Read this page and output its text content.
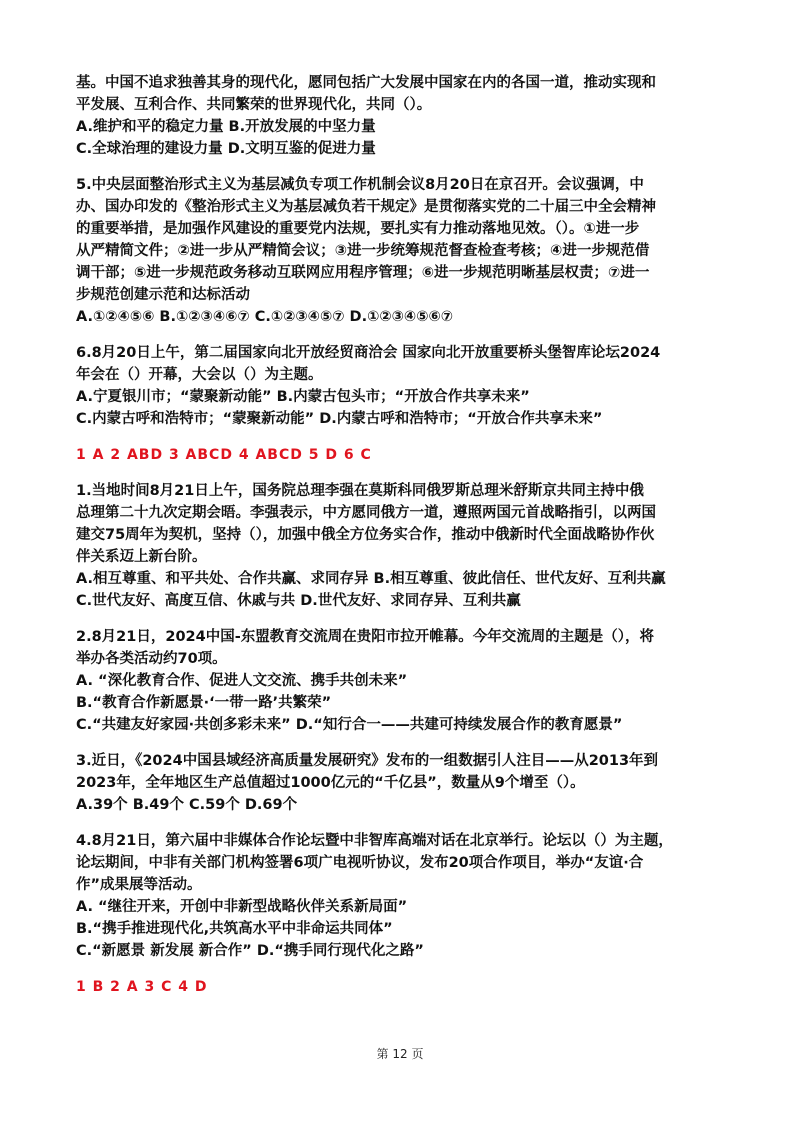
基。中国不追求独善其身的现代化，愿同包括广大发展中国家在内的各国一道，推动实现和
平发展、互利合作、共同繁荣的世界现代化，共同（）。
A.维护和平的稳定力量 B.开放发展的中坚力量
C.全球治理的建设力量 D.文明互鉴的促进力量
5.中央层面整治形式主义为基层减负专项工作机制会议8月20日在京召开。会议强调，中
办、国办印发的《整治形式主义为基层减负若干规定》是贯彻落实党的二十届三中全会精神
的重要举措，是加强作风建设的重要党内法规，要扎实有力推动落地见效。（）。①进一步
从严精简文件；②进一步从严精简会议；③进一步统筹规范督查检查考核；④进一步规范借
调干部；⑤进一步规范政务移动互联网应用程序管理；⑥进一步规范明晰基层权责；⑦进一
步规范创建示范和达标活动
A.①②④⑤⑥ B.①②③④⑥⑦ C.①②③④⑤⑦ D.①②③④⑤⑥⑦
6.8月20日上午，第二届国家向北开放经贸商洽会 国家向北开放重要桥头堡智库论坛2024
年会在（）开幕，大会以（）为主题。
A.宁夏银川市；“蒙聚新动能” B.内蒙古包头市；“开放合作共享未来”
C.内蒙古呼和浩特市；“蒙聚新动能” D.内蒙古呼和浩特市；“开放合作共享未来”
1 A 2 ABD 3 ABCD 4 ABCD 5 D 6 C
1.当地时间8月21日上午，国务院总理李强在莫斯科同俄罗斯总理米舒斯京共同主持中俄
总理第二十九次定期会晤。李强表示，中方愿同俄方一道，遵照两国元首战略指引，以两国
建交75周年为契机，坚持（），加强中俄全方位务实合作，推动中俄新时代全面战略协作伙
伴关系迈上新台阶。
A.相互尊重、和平共处、合作共赢、求同存异 B.相互尊重、彼此信任、世代友好、互利共赢
C.世代友好、高度互信、休戚与共 D.世代友好、求同存异、互利共赢
2.8月21日，2024中国-东盟教育交流周在贵阳市拉开帷幕。今年交流周的主题是（），将
举办各类活动约70项。
A. “深化教育合作、促进人文交流、携手共创未来”
B.“教育合作新愿景·‘一带一路’共繁荣”
C.“共建友好家园·共创多彩未来” D.“知行合一——共建可持续发展合作的教育愿景”
3.近日，《2024中国县域经济高质量发展研究》发布的一组数据引人注目——从2013年到
2023年，全年地区生产总值超过1000亿元的“千亿县”，数量从9个增至（）。
A.39个 B.49个 C.59个 D.69个
4.8月21日，第六届中非媒体合作论坛暨中非智库高端对话在北京举行。论坛以（）为主题，
论坛期间，中非有关部门机构签署6项广电视听协议，发布20项合作项目，举办“友谊·合
作”成果展等活动。
A. “继往开来，开创中非新型战略伙伴关系新局面”
B.“携手推进现代化,共筑高水平中非命运共同体”
C.“新愿景 新发展 新合作” D.“携手同行现代化之路”
1 B 2 A 3 C 4 D
第 12 页
